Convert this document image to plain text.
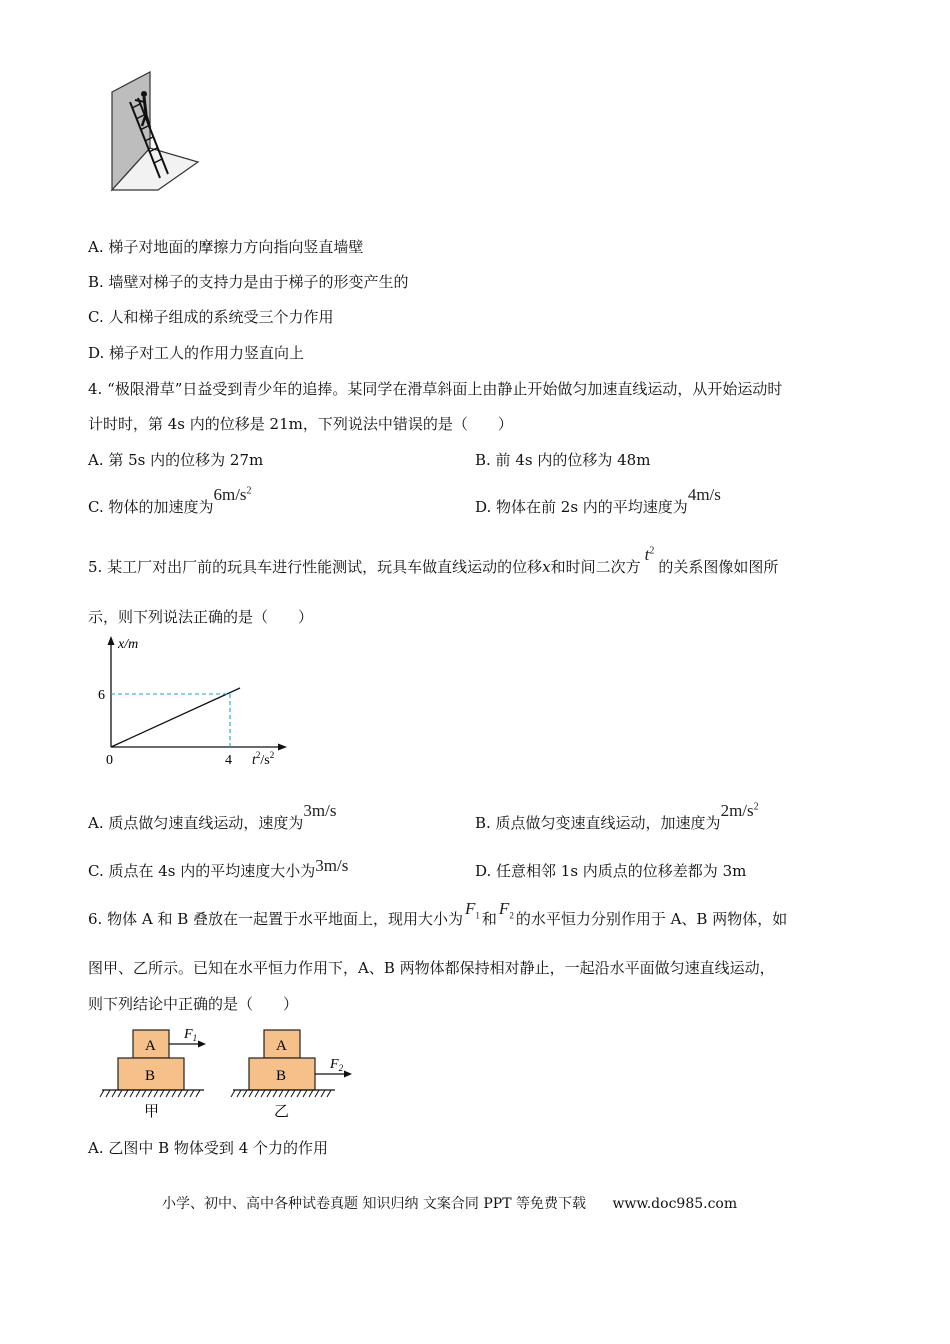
A. 梯子对地面的摩擦力方向指向竖直墙壁
B. 墙壁对梯子的支持力是由于梯子的形变产生的
C. 人和梯子组成的系统受三个力作用
D. 梯子对工人的作用力竖直向上
4. “极限滑草”日益受到青少年的追捧。某同学在滑草斜面上由静止开始做匀加速直线运动，从开始运动时
计时时，第 4s 内的位移是 21m，下列说法中错误的是（　　）
A. 第 5s 内的位移为 27m	B. 前 4s 内的位移为 48m
C. 物体的加速度为$6m/s^2$
D. 物体在前 2s 内的平均速度为4m/s
5. 某工厂对出厂前的玩具车进行性能测试，玩具车做直线运动的位移x和时间二次方$t^2$的关系图像如图所
示，则下列说法正确的是（　　）
x/m
6
0	4 $t^2/s^2$
A. 质点做匀速直线运动，速度为3m/s
B. 质点做匀变速直线运动，加速度为$2m/s^2$
C. 质点在 4s 内的平均速度大小为3m/s	D. 任意相邻 1s 内质点的位移差都为 3m
6. 物体 A 和 B 叠放在一起置于水平地面上，现用大小为$F_1$ 和$F_2$ 的水平恒力分别作用于 A、B 两物体，如
图甲、乙所示。已知在水平恒力作用下，A、B 两物体都保持相对静止，一起沿水平面做匀速直线运动，
则下列结论中正确的是（　　）
A
B
$F_1$
甲
A
B
$F_2$
乙
A. 乙图中 B 物体受到 4 个力的作用
小学、初中、高中各种试卷真题 知识归纳 文案合同 PPT 等免费下载 www.doc985.com
